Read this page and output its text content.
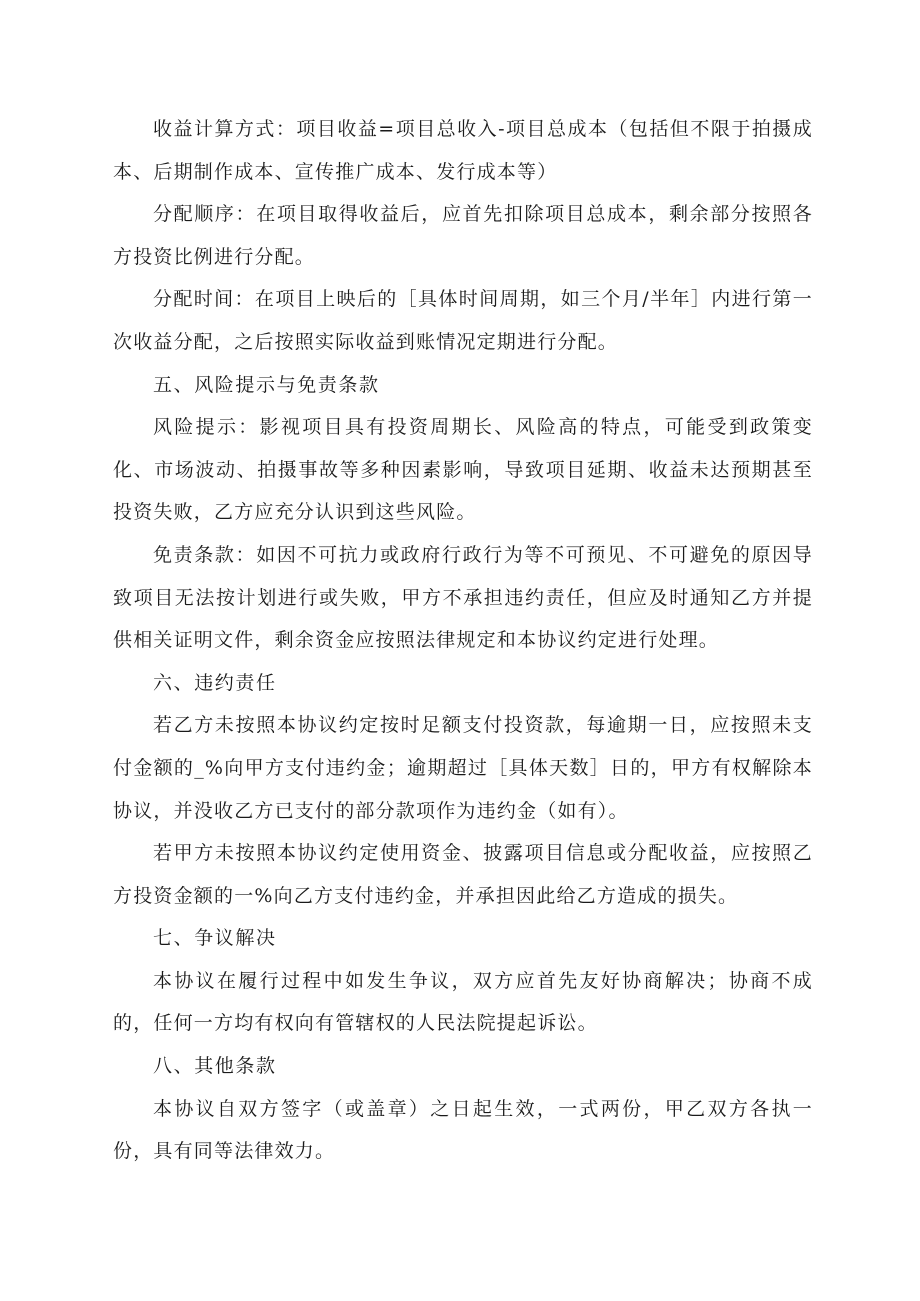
收益计算方式：项目收益=项目总收入-项目总成本（包括但不限于拍摄成本、后期制作成本、宣传推广成本、发行成本等）

分配顺序：在项目取得收益后，应首先扣除项目总成本，剩余部分按照各方投资比例进行分配。

分配时间：在项目上映后的［具体时间周期，如三个月/半年］内进行第一次收益分配，之后按照实际收益到账情况定期进行分配。

五、风险提示与免责条款

风险提示：影视项目具有投资周期长、风险高的特点，可能受到政策变化、市场波动、拍摄事故等多种因素影响，导致项目延期、收益未达预期甚至投资失败，乙方应充分认识到这些风险。

免责条款：如因不可抗力或政府行政行为等不可预见、不可避免的原因导致项目无法按计划进行或失败，甲方不承担违约责任，但应及时通知乙方并提供相关证明文件，剩余资金应按照法律规定和本协议约定进行处理。

六、违约责任

若乙方未按照本协议约定按时足额支付投资款，每逾期一日，应按照未支付金额的_%向甲方支付违约金；逾期超过［具体天数］日的，甲方有权解除本协议，并没收乙方已支付的部分款项作为违约金（如有）。

若甲方未按照本协议约定使用资金、披露项目信息或分配收益，应按照乙方投资金额的一%向乙方支付违约金，并承担因此给乙方造成的损失。

七、争议解决

本协议在履行过程中如发生争议，双方应首先友好协商解决；协商不成的，任何一方均有权向有管辖权的人民法院提起诉讼。

八、其他条款

本协议自双方签字（或盖章）之日起生效，一式两份，甲乙双方各执一份，具有同等法律效力。
